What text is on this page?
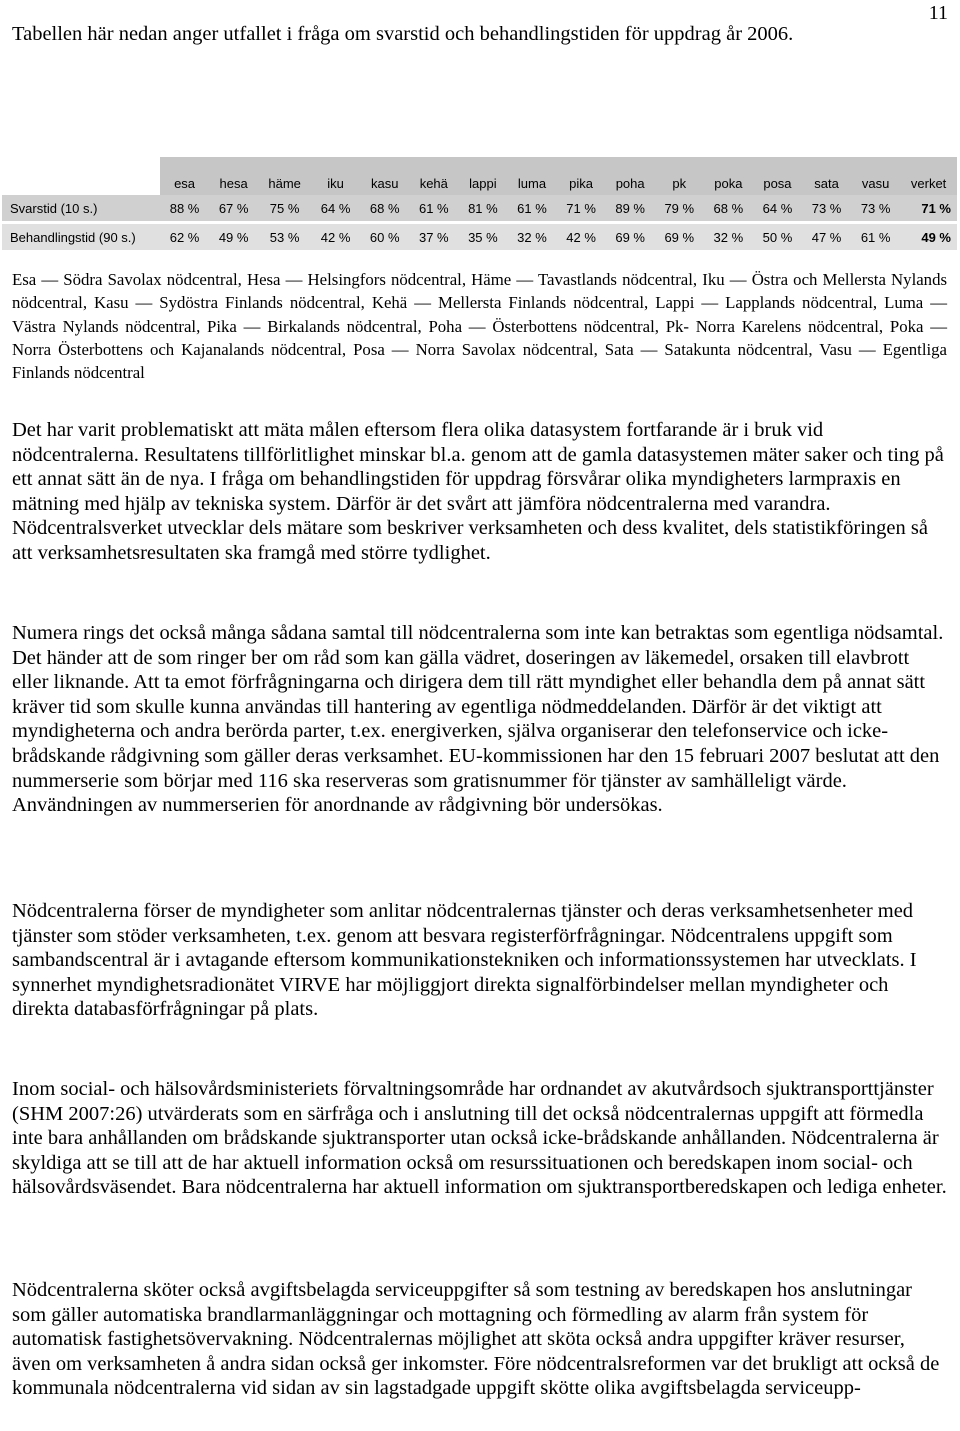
11

Tabellen här nedan anger utfallet i fråga om svarstid och behandlingstiden för uppdrag år 2006.

	esa	hesa	häme	iku	kasu	kehä	lappi	luma	pika	poha	pk	poka	posa	sata	vasu	verket
Svarstid (10 s.)	88 %	67 %	75 %	64 %	68 %	61 %	81 %	61 %	71 %	89 %	79 %	68 %	64 %	73 %	73 %	71 %
Behandlingstid (90 s.)	62 %	49 %	53 %	42 %	60 %	37 %	35 %	32 %	42 %	69 %	69 %	32 %	50 %	47 %	61 %	49 %

Esa — Södra Savolax nödcentral, Hesa — Helsingfors nödcentral, Häme — Tavastlands nödcentral, Iku — Östra och Mellersta Nylands nödcentral, Kasu — Sydöstra Finlands nödcentral, Kehä — Mellersta Finlands nödcentral, Lappi — Lapplands nödcentral, Luma — Västra Nylands nödcentral, Pika — Birkalands nödcentral, Poha — Österbottens nödcentral, Pk- Norra Karelens nödcentral, Poka — Norra Österbottens och Kajanalands nödcentral, Posa — Norra Savolax nödcentral, Sata — Satakunta nödcentral, Vasu — Egentliga Finlands nödcentral

Det har varit problematiskt att mäta målen eftersom flera olika datasystem fortfarande är i bruk vid nödcentralerna. Resultatens tillförlitlighet minskar bl.a. genom att de gamla datasystemen mäter saker och ting på ett annat sätt än de nya. I fråga om behandlingstiden för uppdrag försvårar olika myndigheters larmpraxis en mätning med hjälp av tekniska system. Därför är det svårt att jämföra nödcentralerna med varandra. Nödcentralsverket utvecklar dels mätare som beskriver verksamheten och dess kvalitet, dels statistikföringen så att verksamhetsresultaten ska framgå med större tydlighet.

Numera rings det också många sådana samtal till nödcentralerna som inte kan betraktas som egentliga nödsamtal. Det händer att de som ringer ber om råd som kan gälla vädret, doseringen av läkemedel, orsaken till elavbrott eller liknande. Att ta emot förfrågningarna och dirigera dem till rätt myndighet eller behandla dem på annat sätt kräver tid som skulle kunna användas till hantering av egentliga nödmeddelanden. Därför är det viktigt att myndigheterna och andra berörda parter, t.ex. energiverken, själva organiserar den telefonservice och icke-brådskande rådgivning som gäller deras verksamhet. EU-kommissionen har den 15 februari 2007 beslutat att den nummerserie som börjar med 116 ska reserveras som gratisnummer för tjänster av samhälleligt värde. Användningen av nummerserien för anordnande av rådgivning bör undersökas.

Nödcentralerna förser de myndigheter som anlitar nödcentralernas tjänster och deras verksamhetsenheter med tjänster som stöder verksamheten, t.ex. genom att besvara registerförfrågningar. Nödcentralens uppgift som sambandscentral är i avtagande eftersom kommunikationstekniken och informationssystemen har utvecklats. I synnerhet myndighetsradionätet VIRVE har möjliggjort direkta signalförbindelser mellan myndigheter och direkta databasförfrågningar på plats.

Inom social- och hälsovårdsministeriets förvaltningsområde har ordnandet av akutvårdsoch sjuktransporttjänster (SHM 2007:26) utvärderats som en särfråga och i anslutning till det också nödcentralernas uppgift att förmedla inte bara anhållanden om brådskande sjuktransporter utan också icke-brådskande anhållanden. Nödcentralerna är skyldiga att se till att de har aktuell information också om resurssituationen och beredskapen inom social- och hälsovårdsväsendet. Bara nödcentralerna har aktuell information om sjuktransportberedskapen och lediga enheter.

Nödcentralerna sköter också avgiftsbelagda serviceuppgifter så som testning av beredskapen hos anslutningar som gäller automatiska brandlarmanläggningar och mottagning och förmedling av alarm från system för automatisk fastighetsövervakning. Nödcentralernas möjlighet att sköta också andra uppgifter kräver resurser, även om verksamheten å andra sidan också ger inkomster. Före nödcentralsreformen var det brukligt att också de kommunala nödcentralerna vid sidan av sin lagstadgade uppgift skötte olika avgiftsbelagda serviceupp-
